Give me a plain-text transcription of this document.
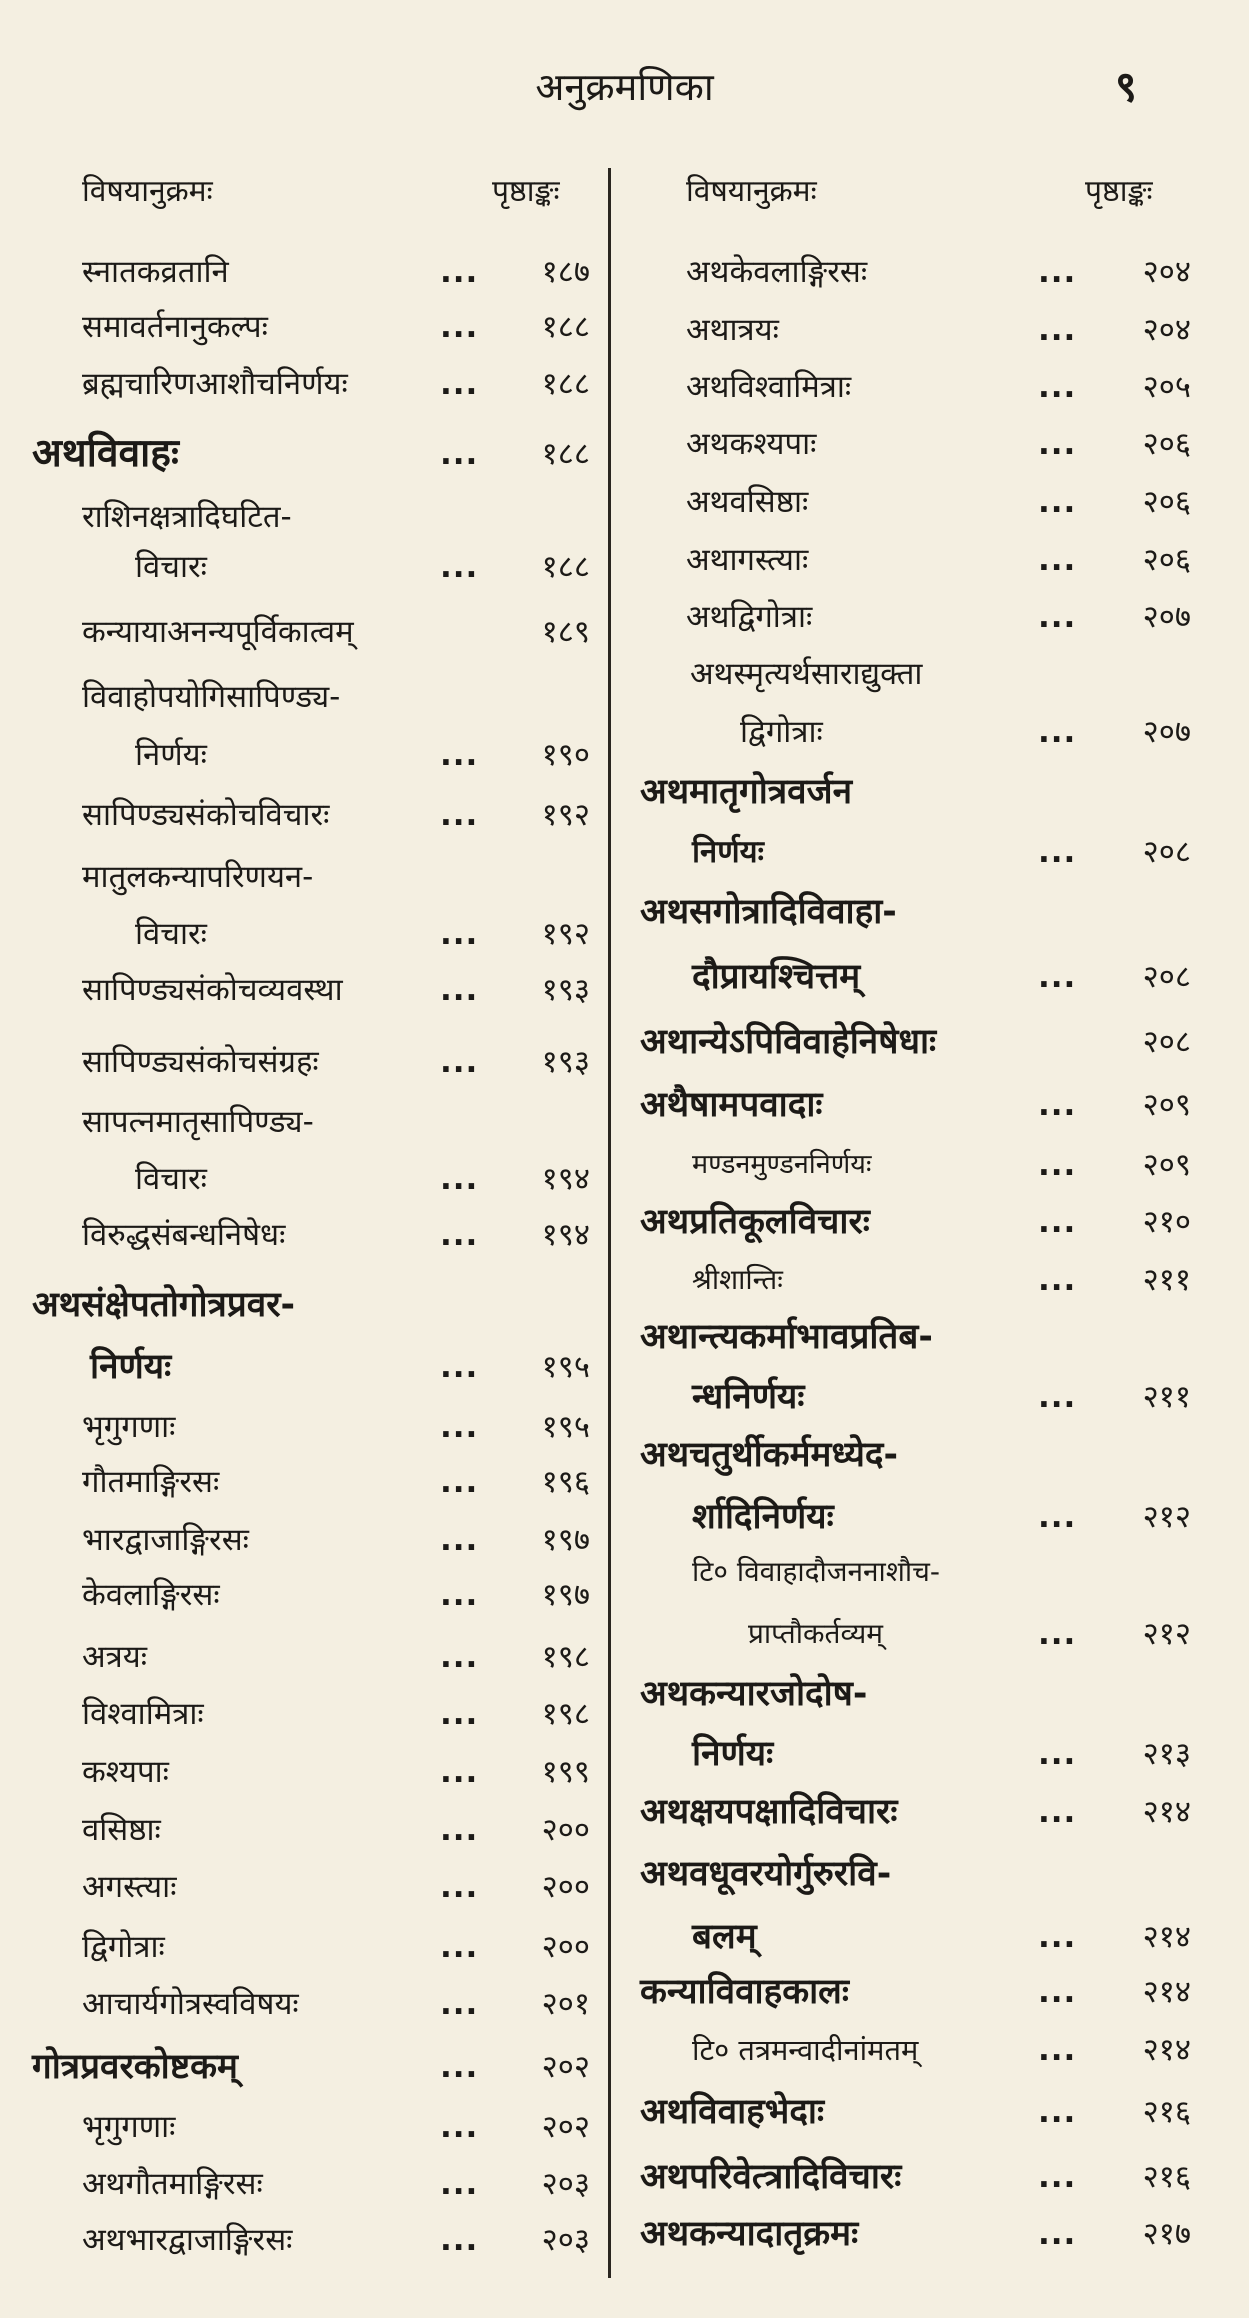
अनुक्रमणिका	९
विषयानुक्रमः	पृष्ठाङ्कः
स्नातकव्रतानि	...	१८७
समावर्तनानुकल्पः	...	१८८
ब्रह्मचारिणआशौचनिर्णयः	...	१८८
अथविवाहः	...	१८८
राशिनक्षत्रादिघटित-
विचारः	...	१८८
कन्यायाअनन्यपूर्विकात्वम्	१८९
विवाहोपयोगिसापिण्ड्य-
निर्णयः	...	१९०
सापिण्ड्यसंकोचविचारः	...	१९२
मातुलकन्यापरिणयन-
विचारः	...	१९२
सापिण्ड्यसंकोचव्यवस्था	...	१९३
सापिण्ड्यसंकोचसंग्रहः	...	१९३
सापत्नमातृसापिण्ड्य-
विचारः	...	१९४
विरुद्धसंबन्धनिषेधः	...	१९४
अथसंक्षेपतोगोत्रप्रवर-
निर्णयः	...	१९५
भृगुगणाः	...	१९५
गौतमाङ्गिरसः	...	१९६
भारद्वाजाङ्गिरसः	...	१९७
केवलाङ्गिरसः	...	१९७
अत्रयः	...	१९८
विश्वामित्राः	...	१९८
कश्यपाः	...	१९९
वसिष्ठाः	...	२००
अगस्त्याः	...	२००
द्विगोत्राः	...	२००
आचार्यगोत्रस्वविषयः	...	२०१
गोत्रप्रवरकोष्टकम्	...	२०२
भृगुगणाः	...	२०२
अथगौतमाङ्गिरसः	...	२०३
अथभारद्वाजाङ्गिरसः	...	२०३
विषयानुक्रमः	पृष्ठाङ्कः
अथकेवलाङ्गिरसः	...	२०४
अथात्रयः	...	२०४
अथविश्वामित्राः	...	२०५
अथकश्यपाः	...	२०६
अथवसिष्ठाः	...	२०६
अथागस्त्याः	...	२०६
अथद्विगोत्राः	...	२०७
अथस्मृत्यर्थसाराद्युक्ता
द्विगोत्राः	...	२०७
अथमातृगोत्रवर्जन
निर्णयः	...	२०८
अथसगोत्रादिविवाहा-
दौप्रायश्चित्तम्	...	२०८
अथान्येऽपिविवाहेनिषेधाः	२०८
अथैषामपवादाः	...	२०९
मण्डनमुण्डननिर्णयः	...	२०९
अथप्रतिकूलविचारः	...	२१०
श्रीशान्तिः	...	२११
अथान्त्यकर्माभावप्रतिब-
न्धनिर्णयः	...	२११
अथचतुर्थीकर्ममध्येद-
र्शादिनिर्णयः	...	२१२
टि० विवाहादौजननाशौच-
प्राप्तौकर्तव्यम्	...	२१२
अथकन्यारजोदोष-
निर्णयः	...	२१३
अथक्षयपक्षादिविचारः	...	२१४
अथवधूवरयोर्गुरुरवि-
बलम्	...	२१४
कन्याविवाहकालः	...	२१४
टि० तत्रमन्वादीनांमतम्	...	२१४
अथविवाहभेदाः	...	२१६
अथपरिवेत्त्रादिविचारः	...	२१६
अथकन्यादातृक्रमः	...	२१७
